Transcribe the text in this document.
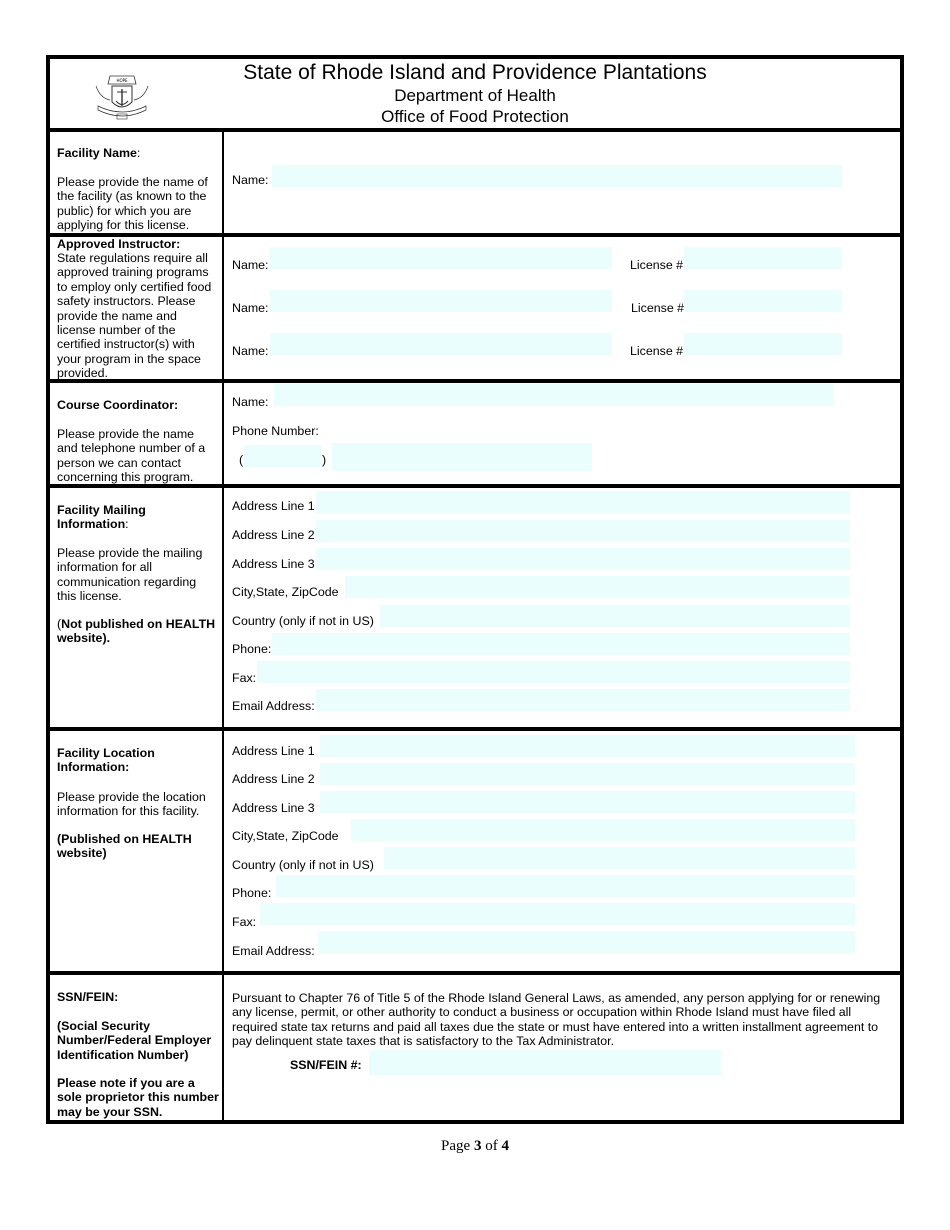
HOPE	State of Rhode Island and Providence Plantations
Department of Health
Office of Food Protection
Facility Name:
Please provide the name of the facility (as known to the public) for which you are applying for this license.
Name:
Approved Instructor:
State regulations require all approved training programs to employ only certified food safety instructors. Please provide the name and license number of the certified instructor(s) with your program in the space provided.
Name:	License #
Name:	License #
Name:	License #
Course Coordinator:
Please provide the name and telephone number of a person we can contact concerning this program.
Name:
Phone Number:
(	)
Facility Mailing Information:
Please provide the mailing information for all communication regarding this license.
(Not published on HEALTH website).
Address Line 1
Address Line 2
Address Line 3
City,State, ZipCode
Country (only if not in US)
Phone:
Fax:
Email Address:
Facility Location Information:
Please provide the location information for this facility.
(Published on HEALTH website)
Address Line 1
Address Line 2
Address Line 3
City,State, ZipCode
Country (only if not in US)
Phone:
Fax:
Email Address:
SSN/FEIN:
(Social Security Number/Federal Employer Identification Number)
Please note if you are a sole proprietor this number may be your SSN.
Pursuant to Chapter 76 of Title 5 of the Rhode Island General Laws, as amended, any person applying for or renewing any license, permit, or other authority to conduct a business or occupation within Rhode Island must have filed all required state tax returns and paid all taxes due the state or must have entered into a written installment agreement to pay delinquent state taxes that is satisfactory to the Tax Administrator.
SSN/FEIN #:
Page 3 of 4
